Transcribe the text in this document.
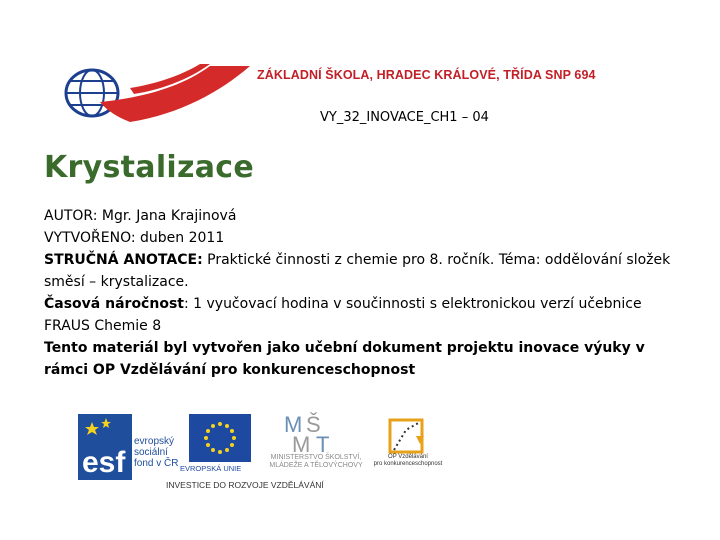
ZÁKLADNÍ ŠKOLA, HRADEC KRÁLOVÉ, TŘÍDA SNP 694
VY_32_INOVACE_CH1 – 04
Krystalizace

AUTOR: Mgr. Jana Krajinová

VYTVOŘENO: duben 2011

STRUČNÁ ANOTACE: Praktické činnosti z chemie pro 8. ročník. Téma: oddělování složek směsí – krystalizace.

Časová náročnost: 1 vyučovací hodina v součinnosti s elektronickou verzí učebnice FRAUS Chemie 8

Tento materiál byl vytvořen jako učební dokument projektu inovace výuky v rámci OP Vzdělávání pro konkurenceschopnost

esf
evropský
sociální
fond v ČR EVROPSKÁ UNIE
M Š
M T
MINISTERSTVO ŠKOLSTVÍ,
MLÁDEŽE A TĚLOVÝCHOVY
OP Vzdělávání
pro konkurenceschopnost
INVESTICE DO ROZVOJE VZDĚLÁVÁNÍ
